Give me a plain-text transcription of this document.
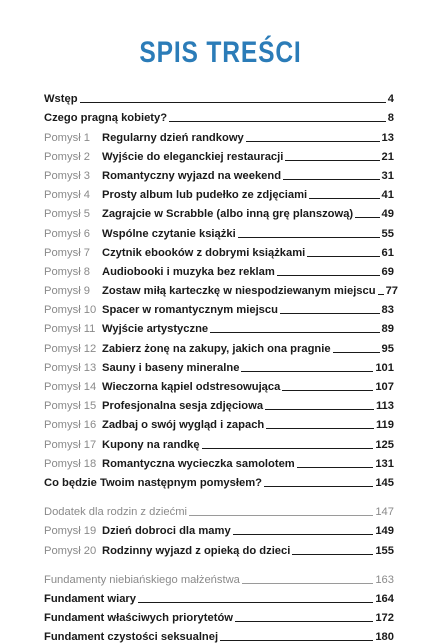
SPIS TREŚCI
Wstęp	4
Czego pragną kobiety?	8
Pomysł 1	Regularny dzień randkowy	13
Pomysł 2	Wyjście do eleganckiej restauracji	21
Pomysł 3	Romantyczny wyjazd na weekend	31
Pomysł 4	Prosty album lub pudełko ze zdjęciami	41
Pomysł 5	Zagrajcie w Scrabble (albo inną grę planszową)	49
Pomysł 6	Wspólne czytanie książki	55
Pomysł 7	Czytnik ebooków z dobrymi książkami	61
Pomysł 8	Audiobooki i muzyka bez reklam	69
Pomysł 9	Zostaw miłą karteczkę w niespodziewanym miejscu 77
Pomysł 10 Spacer w romantycznym miejscu	83
Pomysł 11 Wyjście artystyczne	89
Pomysł 12 Zabierz żonę na zakupy, jakich ona pragnie	95
Pomysł 13 Sauny i baseny mineralne	101
Pomysł 14 Wieczorna kąpiel odstresowująca	107
Pomysł 15 Profesjonalna sesja zdjęciowa	113
Pomysł 16 Zadbaj o swój wygląd i zapach	119
Pomysł 17 Kupony na randkę	125
Pomysł 18 Romantyczna wycieczka samolotem	131
Co będzie Twoim następnym pomysłem?	145
Dodatek dla rodzin z dziećmi	147
Pomysł 19 Dzień dobroci dla mamy	149
Pomysł 20 Rodzinny wyjazd z opieką do dzieci	155
Fundamenty niebiańskiego małżeństwa	163
Fundament wiary	164
Fundament właściwych priorytetów	172
Fundament czystości seksualnej	180
